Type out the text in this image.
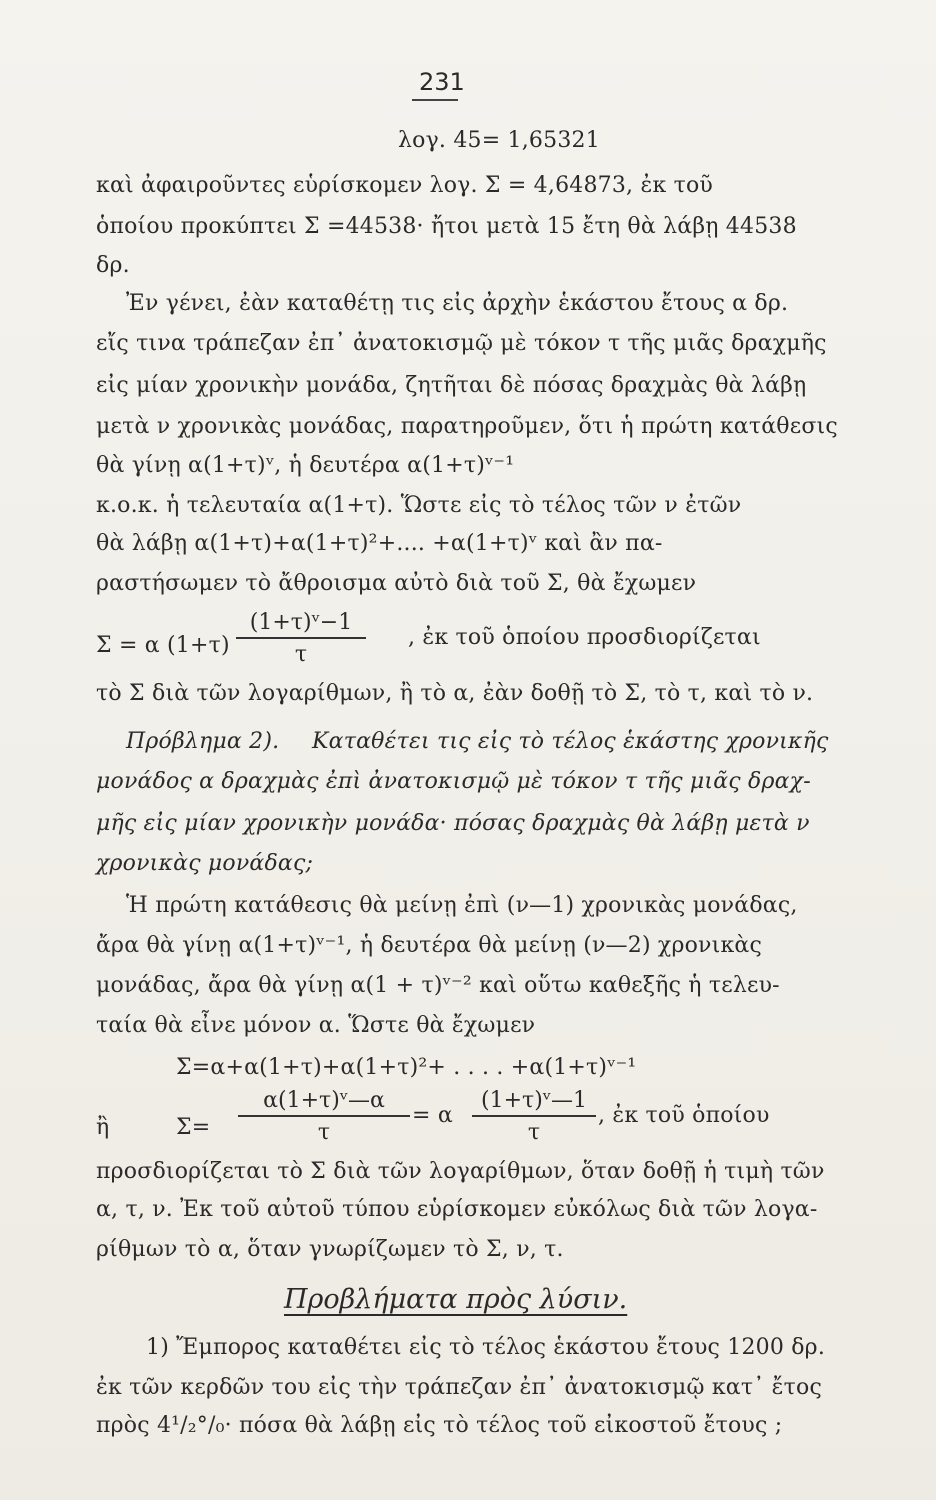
231
λογ. 45= 1,65321
καὶ ἀφαιροῦντες εὑρίσκομεν λογ. Σ = 4,64873, ἐκ τοῦ
ὁποίου προκύπτει Σ =44538· ἤτοι μετὰ 15 ἔτη θὰ λάβῃ 44538
δρ.
Ἐν γένει, ἐὰν καταθέτῃ τις εἰς ἀρχὴν ἑκάστου ἔτους α δρ.
εἴς τινα τράπεζαν ἐπ᾽ ἀνατοκισμῷ μὲ τόκον τ τῆς μιᾶς δραχμῆς
εἰς μίαν χρονικὴν μονάδα, ζητῆται δὲ πόσας δραχμὰς θὰ λάβῃ
μετὰ ν χρονικὰς μονάδας, παρατηροῦμεν, ὅτι ἡ πρώτη κατάθεσις
θὰ γίνῃ α(1+τ)ᵛ, ἡ δευτέρα α(1+τ)ᵛ⁻¹
κ.ο.κ. ἡ τελευταία α(1+τ). Ὥστε εἰς τὸ τέλος τῶν ν ἐτῶν
θὰ λάβῃ α(1+τ)+α(1+τ)²+.... +α(1+τ)ᵛ καὶ ἂν πα-
ραστήσωμεν τὸ ἄθροισμα αὐτὸ διὰ τοῦ Σ, θὰ ἔχωμεν
Σ = α (1+τ)
(1+τ)ᵛ−1
τ
, ἐκ τοῦ ὁποίου προσδιορίζεται
τὸ Σ διὰ τῶν λογαρίθμων, ἢ τὸ α, ἐὰν δοθῇ τὸ Σ, τὸ τ, καὶ τὸ ν.
Πρόβλημα 2). Καταθέτει τις εἰς τὸ τέλος ἑκάστης χρονικῆς
μονάδος α δραχμὰς ἐπὶ ἀνατοκισμῷ μὲ τόκον τ τῆς μιᾶς δραχ-
μῆς εἰς μίαν χρονικὴν μονάδα· πόσας δραχμὰς θὰ λάβῃ μετὰ ν
χρονικὰς μονάδας;
Ἡ πρώτη κατάθεσις θὰ μείνῃ ἐπὶ (ν—1) χρονικὰς μονάδας,
ἄρα θὰ γίνῃ α(1+τ)ᵛ⁻¹, ἡ δευτέρα θὰ μείνῃ (ν—2) χρονικὰς
μονάδας, ἄρα θὰ γίνῃ α(1 + τ)ᵛ⁻² καὶ οὕτω καθεξῆς ἡ τελευ-
ταία θὰ εἶνε μόνον α. Ὥστε θὰ ἔχωμεν
Σ=α+α(1+τ)+α(1+τ)²+ . . . . +α(1+τ)ᵛ⁻¹
ἢ	Σ=
α(1+τ)ᵛ—α
τ
= α
(1+τ)ᵛ—1
τ
, ἐκ τοῦ ὁποίου
προσδιορίζεται τὸ Σ διὰ τῶν λογαρίθμων, ὅταν δοθῇ ἡ τιμὴ τῶν
α, τ, ν. Ἐκ τοῦ αὐτοῦ τύπου εὑρίσκομεν εὐκόλως διὰ τῶν λογα-
ρίθμων τὸ α, ὅταν γνωρίζωμεν τὸ Σ, ν, τ.
Προβλήματα πρὸς λύσιν.
1) Ἔμπορος καταθέτει εἰς τὸ τέλος ἑκάστου ἔτους 1200 δρ.
ἐκ τῶν κερδῶν του εἰς τὴν τράπεζαν ἐπ᾽ ἀνατοκισμῷ κατ᾽ ἔτος
πρὸς 4¹/₂°/₀· πόσα θὰ λάβῃ εἰς τὸ τέλος τοῦ εἰκοστοῦ ἔτους ;
